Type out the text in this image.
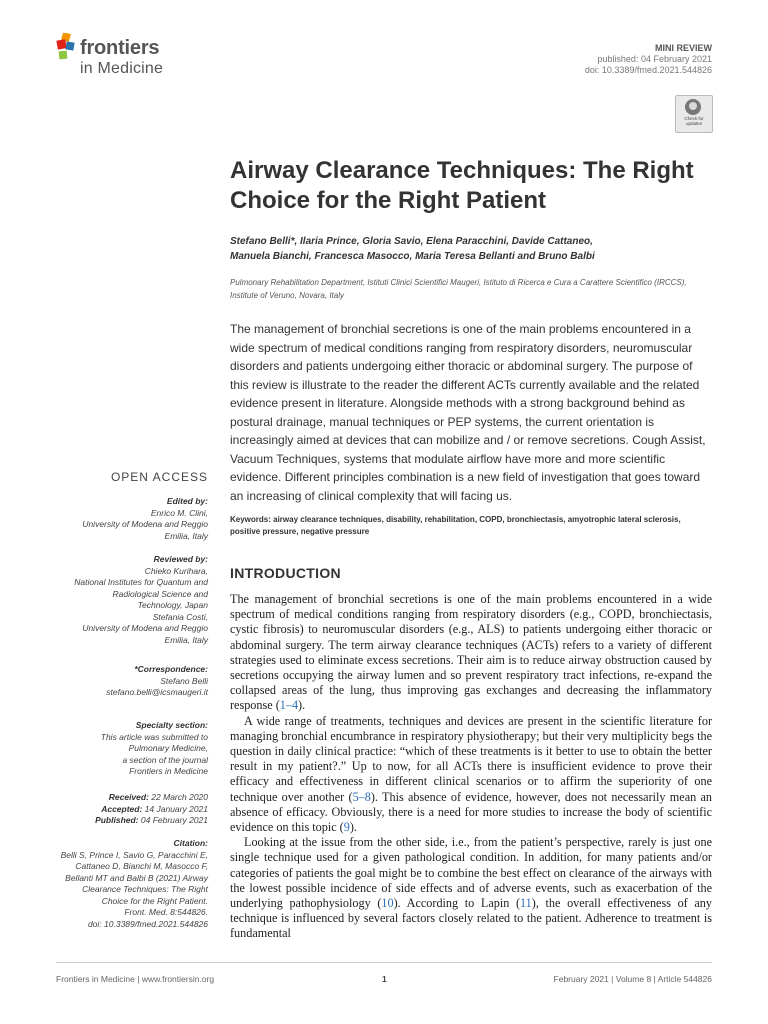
frontiers
in Medicine
MINI REVIEW
published: 04 February 2021
doi: 10.3389/fmed.2021.544826
Check for updates
Airway Clearance Techniques: The Right Choice for the Right Patient
Stefano Belli*, Ilaria Prince, Gloria Savio, Elena Paracchini, Davide Cattaneo,
Manuela Bianchi, Francesca Masocco, Maria Teresa Bellanti and Bruno Balbi
Pulmonary Rehabilitation Department, Istituti Clinici Scientifici Maugeri, Istituto di Ricerca e Cura a Carattere Scientifico (IRCCS), Institute of Veruno, Novara, Italy

The management of bronchial secretions is one of the main problems encountered in a wide spectrum of medical conditions ranging from respiratory disorders, neuromuscular disorders and patients undergoing either thoracic or abdominal surgery. The purpose of this review is illustrate to the reader the different ACTs currently available and the related evidence present in literature. Alongside methods with a strong background behind as postural drainage, manual techniques or PEP systems, the current orientation is increasingly aimed at devices that can mobilize and / or remove secretions. Cough Assist, Vacuum Techniques, systems that modulate airflow have more and more scientific evidence. Different principles combination is a new field of investigation that goes toward an increasing of clinical complexity that will facing us.

Keywords: airway clearance techniques, disability, rehabilitation, COPD, bronchiectasis, amyotrophic lateral sclerosis, positive pressure, negative pressure
OPEN ACCESS

Edited by:

Enrico M. Clini,

University of Modena and Reggio

Emilia, Italy

Reviewed by:

Chieko Kurihara,

National Institutes for Quantum and

Radiological Science and

Technology, Japan

Stefania Costi,

University of Modena and Reggio

Emilia, Italy

*Correspondence:

Stefano Belli

stefano.belli@icsmaugeri.it

Specialty section:

This article was submitted to

Pulmonary Medicine,

a section of the journal

Frontiers in Medicine

Received: 22 March 2020

Accepted: 14 January 2021

Published: 04 February 2021

Citation:

Belli S, Prince I, Savio G, Paracchini E,

Cattaneo D, Bianchi M, Masocco F,

Bellanti MT and Balbi B (2021) Airway

Clearance Techniques: The Right

Choice for the Right Patient.

Front. Med. 8:544826.

doi: 10.3389/fmed.2021.544826

INTRODUCTION

The management of bronchial secretions is one of the main problems encountered in a wide spectrum of medical conditions ranging from respiratory disorders (e.g., COPD, bronchiectasis, cystic fibrosis) to neuromuscular disorders (e.g., ALS) to patients undergoing either thoracic or abdominal surgery. The term airway clearance techniques (ACTs) refers to a variety of different strategies used to eliminate excess secretions. Their aim is to reduce airway obstruction caused by secretions occupying the airway lumen and so prevent respiratory tract infections, re-expand the collapsed areas of the lung, thus improving gas exchanges and decreasing the inflammatory response (1–4).

A wide range of treatments, techniques and devices are present in the scientific literature for managing bronchial encumbrance in respiratory physiotherapy; but their very multiplicity begs the question in daily clinical practice: “which of these treatments is it better to use to obtain the better result in my patient?.” Up to now, for all ACTs there is insufficient evidence to prove their efficacy and effectiveness in different clinical scenarios or to affirm the superiority of one technique over another (5–8). This absence of evidence, however, does not necessarily mean an absence of efficacy. Obviously, there is a need for more studies to increase the body of scientific evidence on this topic (9).

Looking at the issue from the other side, i.e., from the patient’s perspective, rarely is just one single technique used for a given pathological condition. In addition, for many patients and/or categories of patients the goal might be to combine the best effect on clearance of the airways with the lowest possible incidence of side effects and of adverse events, such as exacerbation of the underlying pathophysiology (10). According to Lapin (11), the overall effectiveness of any technique is influenced by several factors closely related to the patient. Adherence to treatment is fundamental

Frontiers in Medicine | www.frontiersin.org	1	February 2021 | Volume 8 | Article 544826
